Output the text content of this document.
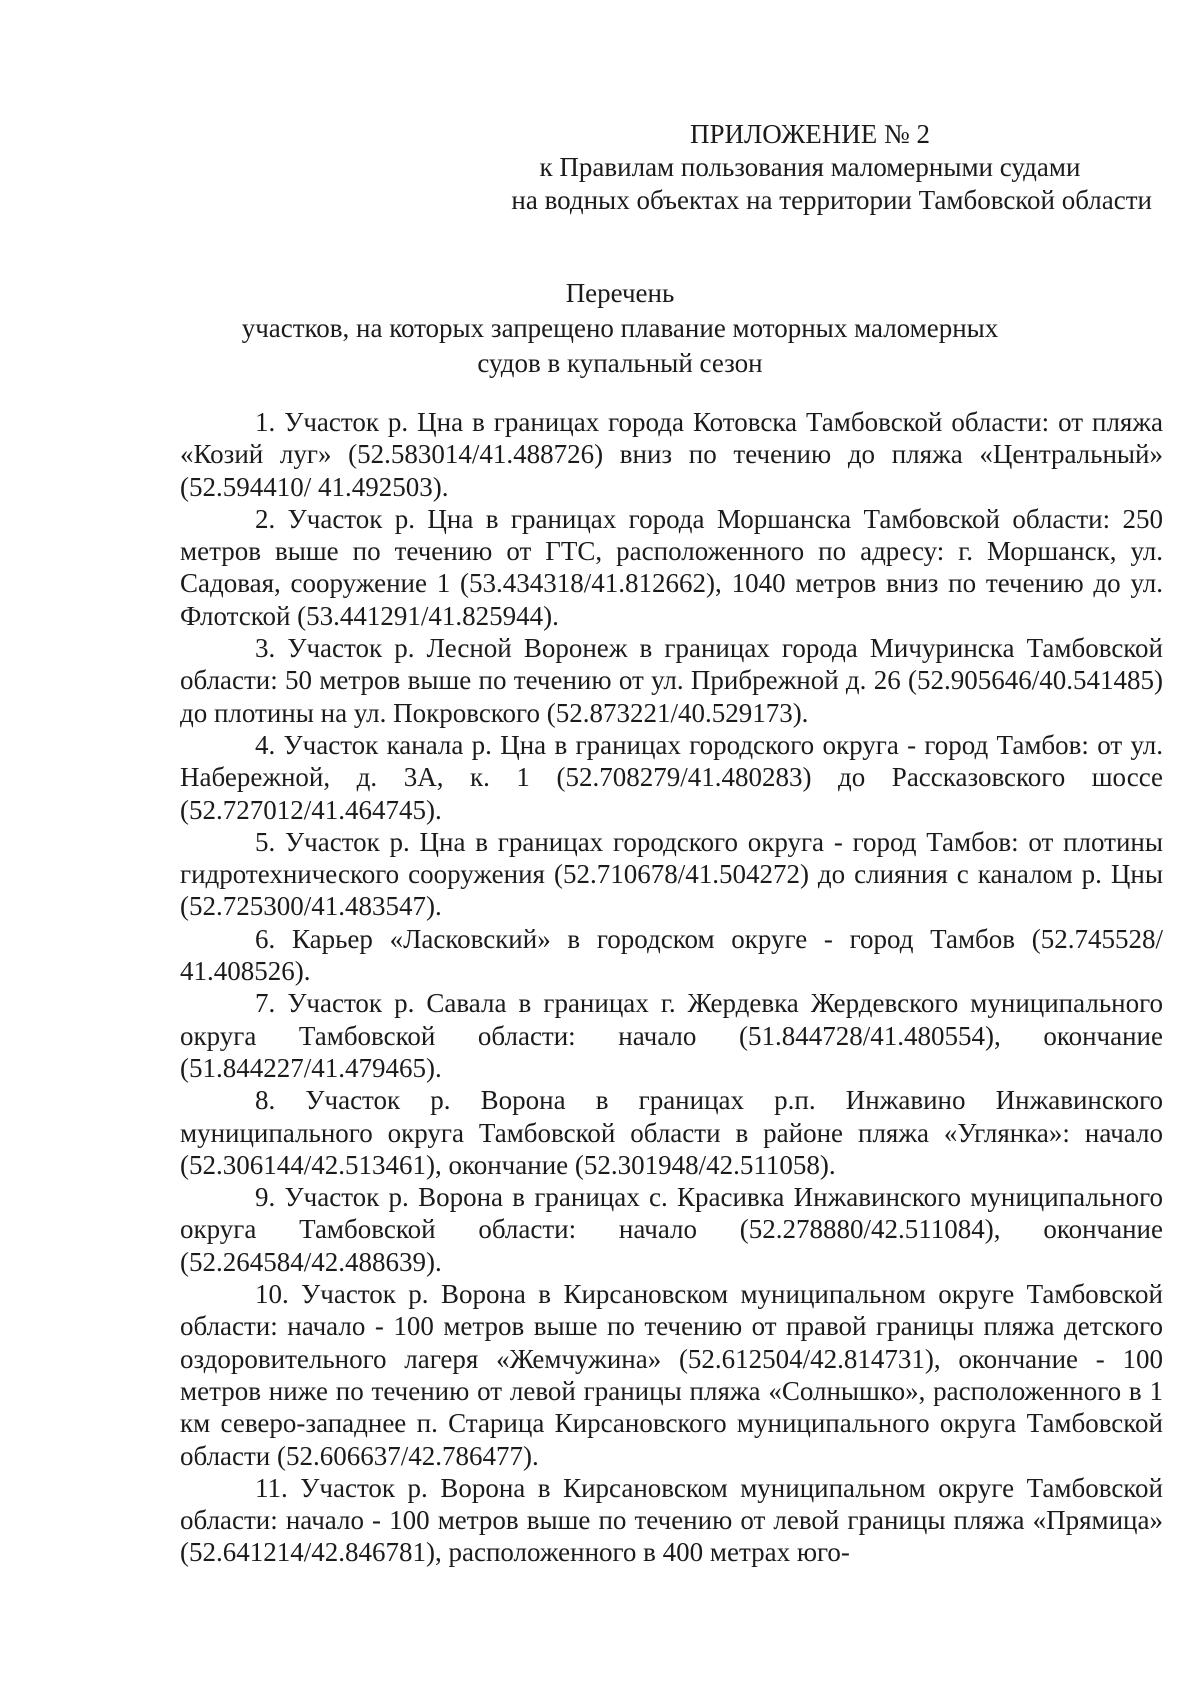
ПРИЛОЖЕНИЕ № 2
к Правилам пользования маломерными судами
на водных объектах на территории Тамбовской области
Перечень
участков, на которых запрещено плавание моторных маломерных
судов в купальный сезон

1. Участок р. Цна в границах города Котовска Тамбовской области: от пляжа «Козий луг» (52.583014/41.488726) вниз по течению до пляжа «Центральный» (52.594410/ 41.492503).

2. Участок р. Цна в границах города Моршанска Тамбовской области: 250 метров выше по течению от ГТС, расположенного по адресу: г. Моршанск, ул. Садовая, сооружение 1 (53.434318/41.812662), 1040 метров вниз по течению до ул. Флотской (53.441291/41.825944).

3. Участок р. Лесной Воронеж в границах города Мичуринска Тамбовской области: 50 метров выше по течению от ул. Прибрежной д. 26 (52.905646/40.541485) до плотины на ул. Покровского (52.873221/40.529173).

4. Участок канала р. Цна в границах городского округа - город Тамбов: от ул. Набережной, д. 3А, к. 1 (52.708279/41.480283) до Рассказовского шоссе (52.727012/41.464745).

5. Участок р. Цна в границах городского округа - город Тамбов: от плотины гидротехнического сооружения (52.710678/41.504272) до слияния с каналом р. Цны (52.725300/41.483547).

6. Карьер «Ласковский» в городском округе - город Тамбов (52.745528/ 41.408526).

7. Участок р. Савала в границах г. Жердевка Жердевского муниципального округа Тамбовской области: начало (51.844728/41.480554), окончание (51.844227/41.479465).

8. Участок р. Ворона в границах р.п. Инжавино Инжавинского муниципального округа Тамбовской области в районе пляжа «Углянка»: начало (52.306144/42.513461), окончание (52.301948/42.511058).

9. Участок р. Ворона в границах с. Красивка Инжавинского муниципального округа Тамбовской области: начало (52.278880/42.511084), окончание (52.264584/42.488639).

10. Участок р. Ворона в Кирсановском муниципальном округе Тамбовской области: начало - 100 метров выше по течению от правой границы пляжа детского оздоровительного лагеря «Жемчужина» (52.612504/42.814731), окончание - 100 метров ниже по течению от левой границы пляжа «Солнышко», расположенного в 1 км северо-западнее п. Старица Кирсановского муниципального округа Тамбовской области (52.606637/42.786477).

11. Участок р. Ворона в Кирсановском муниципальном округе Тамбовской области: начало - 100 метров выше по течению от левой границы пляжа «Прямица» (52.641214/42.846781), расположенного в 400 метрах юго-
